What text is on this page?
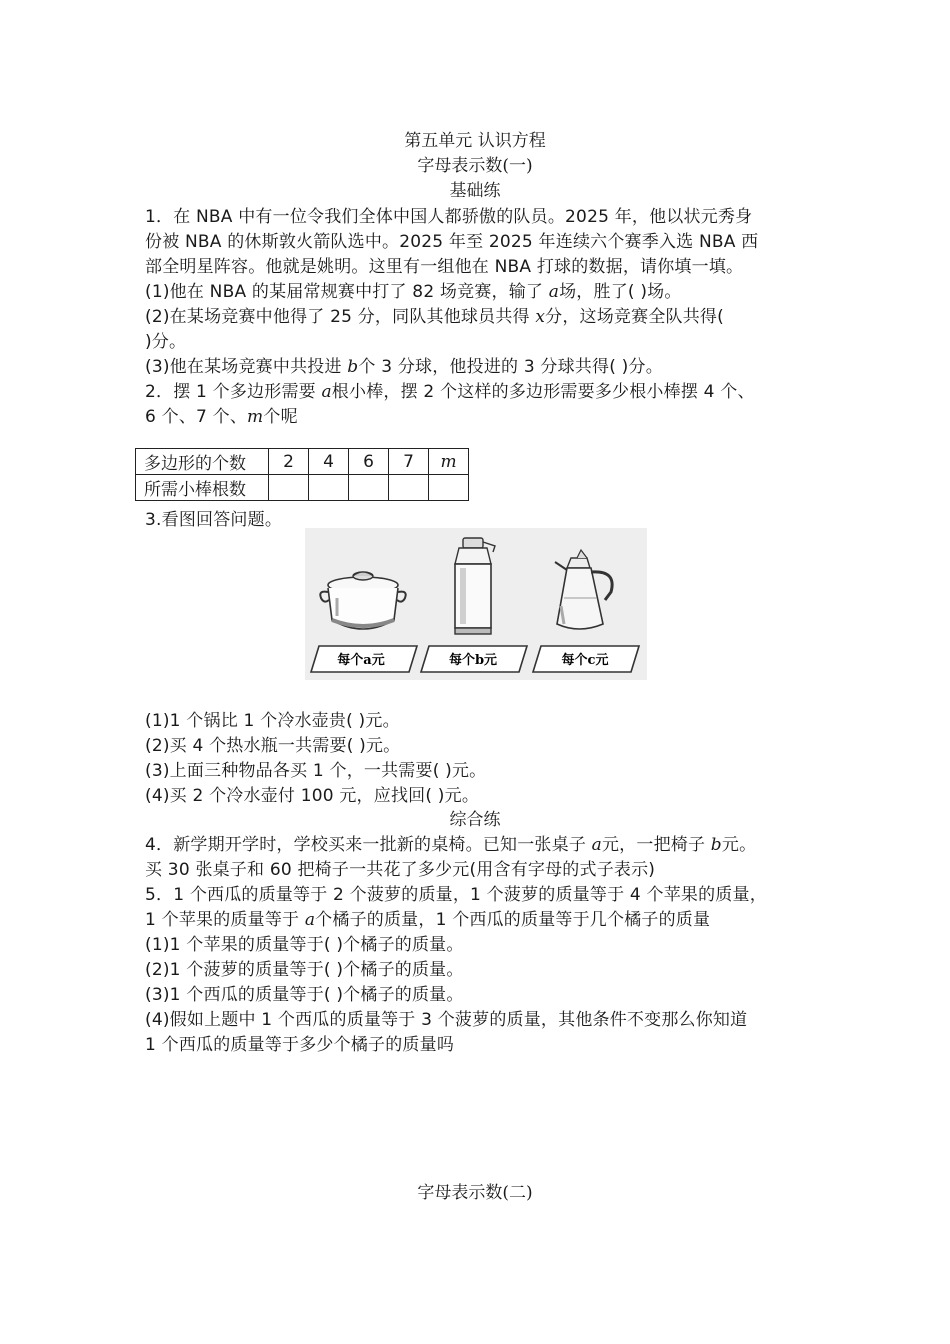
第五单元 认识方程
字母表示数(一)
基础练
1．在 NBA 中有一位令我们全体中国人都骄傲的队员。2025 年，他以状元秀身
份被 NBA 的休斯敦火箭队选中。2025 年至 2025 年连续六个赛季入选 NBA 西
部全明星阵容。他就是姚明。这里有一组他在 NBA 打球的数据，请你填一填。
(1)他在 NBA 的某届常规赛中打了 82 场竞赛，输了 a场，胜了( )场。
(2)在某场竞赛中他得了 25 分，同队其他球员共得 x分，这场竞赛全队共得(
)分。
(3)他在某场竞赛中共投进 b个 3 分球，他投进的 3 分球共得( )分。
2．摆 1 个多边形需要 a根小棒，摆 2 个这样的多边形需要多少根小棒摆 4 个、
6 个、7 个、m个呢
多边形的个数	2	4	6	7	m
所需小棒根数					
3.看图回答问题。
每个a元	每个b元	每个c元
(1)1 个锅比 1 个冷水壶贵( )元。
(2)买 4 个热水瓶一共需要( )元。
(3)上面三种物品各买 1 个，一共需要( )元。
(4)买 2 个冷水壶付 100 元，应找回( )元。
综合练
4．新学期开学时，学校买来一批新的桌椅。已知一张桌子 a元，一把椅子 b元。
买 30 张桌子和 60 把椅子一共花了多少元(用含有字母的式子表示)
5．1 个西瓜的质量等于 2 个菠萝的质量，1 个菠萝的质量等于 4 个苹果的质量，
1 个苹果的质量等于 a个橘子的质量，1 个西瓜的质量等于几个橘子的质量
(1)1 个苹果的质量等于( )个橘子的质量。
(2)1 个菠萝的质量等于( )个橘子的质量。
(3)1 个西瓜的质量等于( )个橘子的质量。
(4)假如上题中 1 个西瓜的质量等于 3 个菠萝的质量，其他条件不变那么你知道
1 个西瓜的质量等于多少个橘子的质量吗
字母表示数(二)
